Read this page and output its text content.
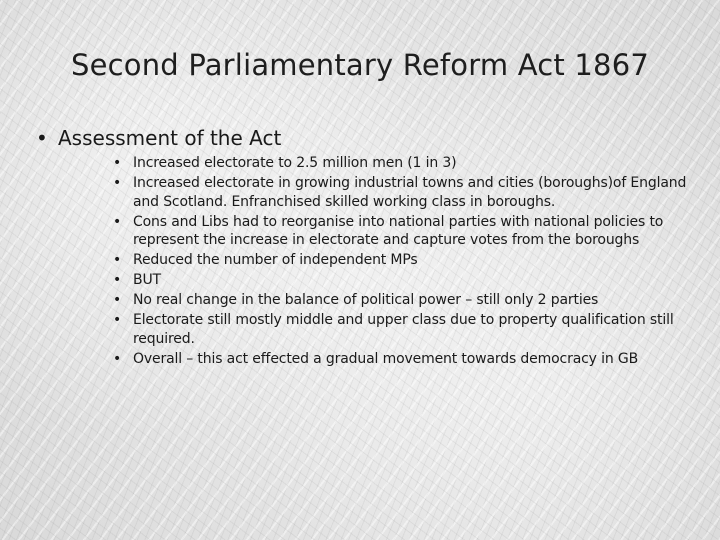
Second Parliamentary Reform Act 1867
• Assessment of the Act
• Increased electorate to 2.5 million men (1 in 3)
• Increased electorate in growing industrial towns and cities (boroughs)of England and Scotland. Enfranchised skilled working class in boroughs.
• Cons and Libs had to reorganise into national parties with national policies to represent the increase in electorate and capture votes from the boroughs
• Reduced the number of independent MPs
• BUT
• No real change in the balance of political power – still only 2 parties
• Electorate still mostly middle and upper class due to property qualification still required.
• Overall – this act effected a gradual movement towards democracy in GB
